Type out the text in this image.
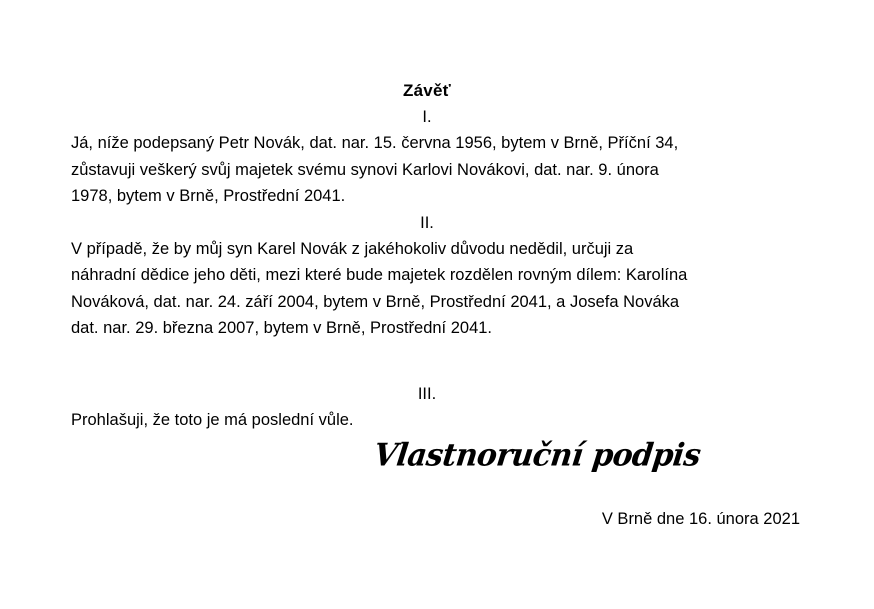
Závěť

I.

Já, níže podepsaný Petr Novák, dat. nar. 15. června 1956, bytem v Brně, Příční 34,
zůstavuji veškerý svůj majetek svému synovi Karlovi Novákovi, dat. nar. 9. února
1978, bytem v Brně, Prostřední 2041.

II.

V případě, že by můj syn Karel Novák z jakéhokoliv důvodu nedědil, určuji za
náhradní dědice jeho děti, mezi které bude majetek rozdělen rovným dílem: Karolína
Nováková, dat. nar. 24. září 2004, bytem v Brně, Prostřední 2041, a Josefa Nováka
dat. nar. 29. března 2007, bytem v Brně, Prostřední 2041.

III.

Prohlašuji, že toto je má poslední vůle.

Vlastnoruční podpis
V Brně dne 16. února 2021
